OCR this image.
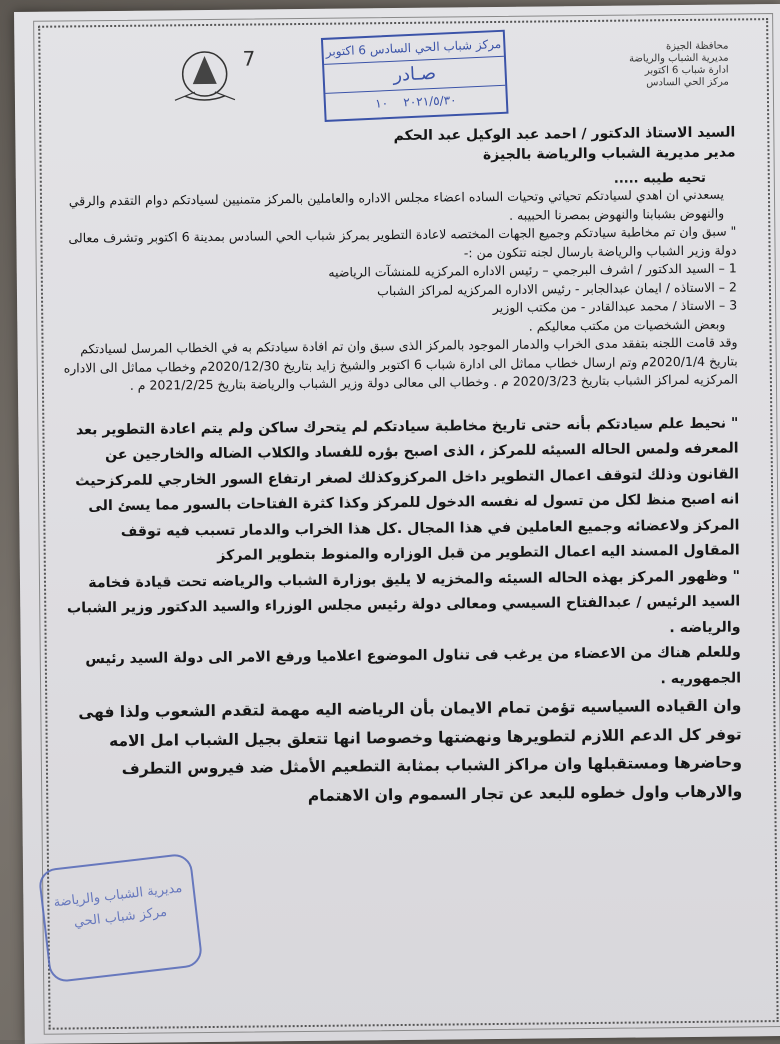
محافظة الجيزة
مديرية الشباب والرياضة
ادارة شباب 6 اكتوبر
مركز الحي السادس
مركز شباب الحي السادس 6 اكتوبر
صـادر
٢٠٢١/٥/٣٠    ١٠
7

السيد الاستاذ الدكتور / احمد عبد الوكيل عبد الحكم

مدير مديرية الشباب والرياضة بالجيزة

تحيه طيبه .....

يسعدني ان اهدي لسيادتكم تحياتي وتحيات الساده اعضاء مجلس الاداره والعاملين بالمركز متمنيين لسيادتكم دوام التقدم والرقي والنهوض بشبابنا والنهوض بمصرنا الحبيبه .

" سبق وان تم مخاطبة سيادتكم وجميع الجهات المختصه لاعادة التطوير بمركز شباب الحي السادس بمدينة 6 اكتوبر وتشرف معالى دولة وزير الشباب والرياضة بارسال لجنه تتكون من :-

1 – السيد الدكتور / اشرف البرجمي – رئيس الاداره المركزيه للمنشآت الرياضيه

2 – الاستاذه / ايمان عبدالجابر - رئيس الاداره المركزيه لمراكز الشباب

3 – الاستاذ / محمد عبدالقادر - من مكتب الوزير

وبعض الشخصيات من مكتب معاليكم .

وقد قامت اللجنه بتفقد مدى الخراب والدمار الموجود بالمركز الذى سبق وان تم افادة سيادتكم به في الخطاب المرسل لسيادتكم بتاريخ 2020/1/4م وتم ارسال خطاب مماثل الى ادارة شباب 6 اكتوبر والشيخ زايد بتاريخ 2020/12/30م وخطاب مماثل الى الاداره المركزيه لمراكز الشباب بتاريخ 2020/3/23 م . وخطاب الى معالى دولة وزير الشباب والرياضة بتاريخ 2021/2/25 م .

" نحيط علم سيادتكم بأنه حتى تاريخ مخاطبة سيادتكم لم يتحرك ساكن ولم يتم اعادة التطوير بعد المعرفه ولمس الحاله السيئه للمركز ، الذى اصبح بؤره للفساد والكلاب الضاله والخارجين عن القانون وذلك لتوقف اعمال التطوير داخل المركزوكذلك لصغر ارتفاع السور الخارجي للمركزحيث انه اصبح منظ لكل من تسول له نفسه الدخول للمركز وكذا كثرة الفتاحات بالسور مما يسئ الى المركز ولاعضائه وجميع العاملين في هذا المجال .كل هذا الخراب والدمار تسبب فيه توقف المقاول المسند اليه اعمال التطوير من قبل الوزاره والمنوط بتطوير المركز

" وظهور المركز بهذه الحاله السيئه والمخزيه لا يليق بوزارة الشباب والرياضه تحت قيادة فخامة السيد الرئيس / عبدالفتاح السيسي ومعالى دولة رئيس مجلس الوزراء والسيد الدكتور وزير الشباب والرياضه .

وللعلم هناك من الاعضاء من يرغب فى تناول الموضوع اعلاميا ورفع الامر الى دولة السيد رئيس الجمهوريه .

وان القياده السياسيه تؤمن تمام الايمان بأن الرياضه اليه مهمة لتقدم الشعوب ولذا فهى توفر كل الدعم اللازم لتطويرها ونهضتها وخصوصا انها تتعلق بجيل الشباب امل الامه وحاضرها ومستقبلها وان مراكز الشباب بمثابة التطعيم الأمثل ضد فيروس التطرف والارهاب واول خطوه للبعد عن تجار السموم وان الاهتمام

مديرية الشباب والرياضة
مركز شباب الحي
